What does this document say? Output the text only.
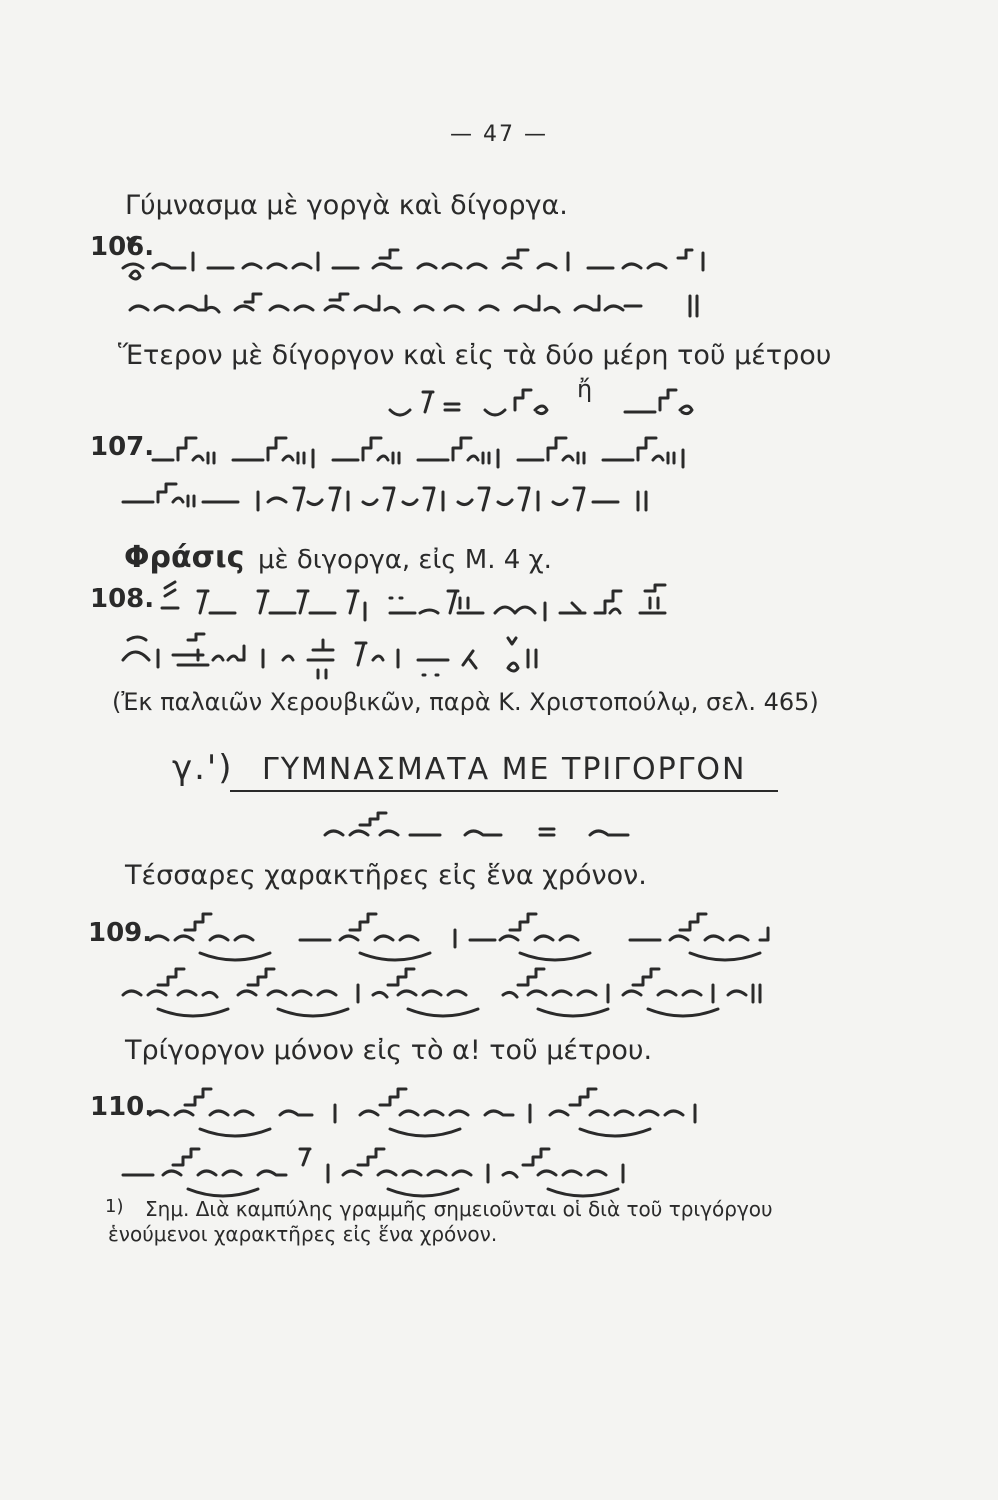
— 47 —
Γύμνασμα μὲ γοργὰ καὶ δίγοργα.
106.
Ἕτερον μὲ δίγοργον καὶ εἰς τὰ δύο μέρη τοῦ μέτρου
ἤ
107.
Φράσις μὲ διγοργα, εἰς Μ. 4 χ.
108.
(Ἐκ παλαιῶν Χερουβικῶν, παρὰ Κ. Χριστοπούλῳ, σελ. 465)
γ.') ΓΥΜΝΑΣΜΑΤΑ ΜΕ ΤΡΙΓΟΡΓΟΝ
Τέσσαρες χαρακτῆρες εἰς ἕνα χρόνον.
109.
Τρίγοργον μόνον εἰς τὸ α! τοῦ μέτρου.
110.
1) Σημ. Διὰ καμπύλης γραμμῆς σημειοῦνται οἱ διὰ τοῦ τριγόργου
ἑνούμενοι χαρακτῆρες εἰς ἕνα χρόνον.
